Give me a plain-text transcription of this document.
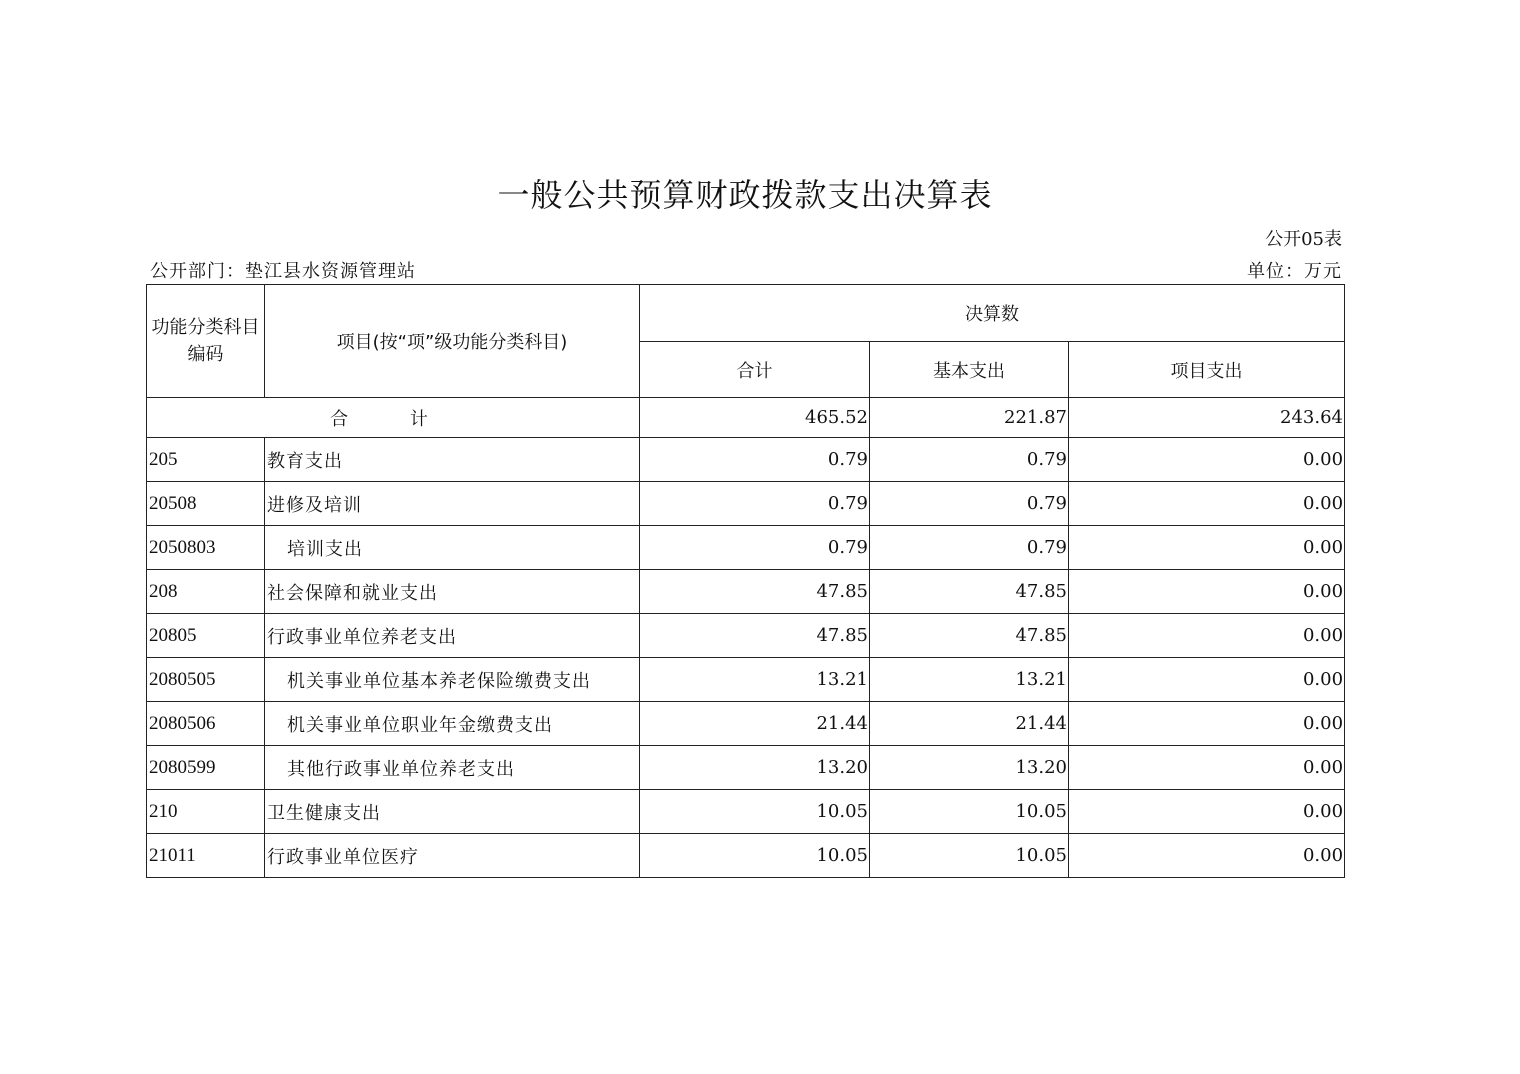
一般公共预算财政拨款支出决算表
公开05表
公开部门：垫江县水资源管理站	单位：万元
功能分类科目编码	项目(按“项”级功能分类科目)	决算数		
		合计	基本支出	项目支出
合 计		465.52	221.87	243.64
205	教育支出	0.79	0.79	0.00
20508	进修及培训	0.79	0.79	0.00
2050803	培训支出	0.79	0.79	0.00
208	社会保障和就业支出	47.85	47.85	0.00
20805	行政事业单位养老支出	47.85	47.85	0.00
2080505	机关事业单位基本养老保险缴费支出	13.21	13.21	0.00
2080506	机关事业单位职业年金缴费支出	21.44	21.44	0.00
2080599	其他行政事业单位养老支出	13.20	13.20	0.00
210	卫生健康支出	10.05	10.05	0.00
21011	行政事业单位医疗	10.05	10.05	0.00
